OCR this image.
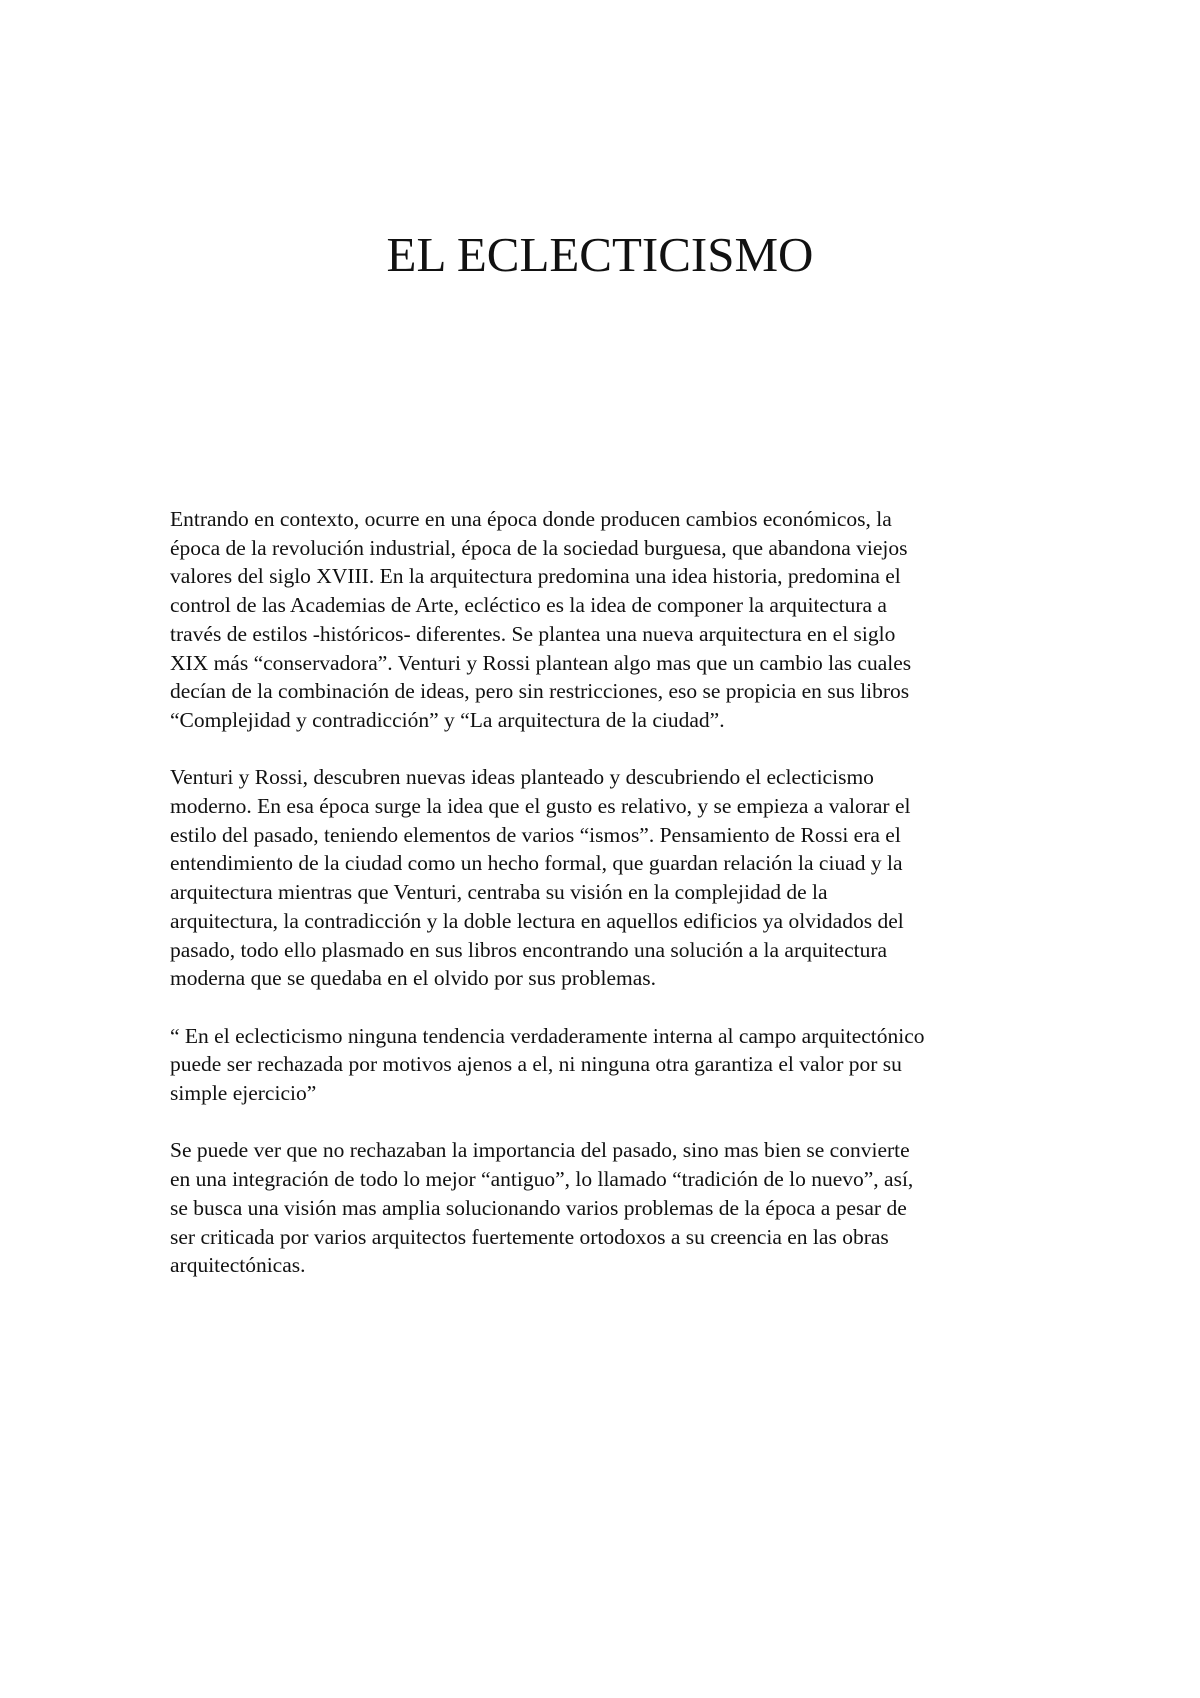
EL ECLECTICISMO

Entrando en contexto, ocurre en una época donde producen cambios económicos, la
época de la revolución industrial, época de la sociedad burguesa, que abandona viejos
valores del siglo XVIII. En la arquitectura predomina una idea historia, predomina el
control de las Academias de Arte, ecléctico es la idea de componer la arquitectura a
través de estilos -históricos- diferentes. Se plantea una nueva arquitectura en el siglo
XIX más “conservadora”. Venturi y Rossi plantean algo mas que un cambio las cuales
decían de la combinación de ideas, pero sin restricciones, eso se propicia en sus libros
“Complejidad y contradicción” y “La arquitectura de la ciudad”.

Venturi y Rossi, descubren nuevas ideas planteado y descubriendo el eclecticismo
moderno. En esa época surge la idea que el gusto es relativo, y se empieza a valorar el
estilo del pasado, teniendo elementos de varios “ismos”. Pensamiento de Rossi era el
entendimiento de la ciudad como un hecho formal, que guardan relación la ciuad y la
arquitectura mientras que Venturi, centraba su visión en la complejidad de la
arquitectura, la contradicción y la doble lectura en aquellos edificios ya olvidados del
pasado, todo ello plasmado en sus libros encontrando una solución a la arquitectura
moderna que se quedaba en el olvido por sus problemas.

“ En el eclecticismo ninguna tendencia verdaderamente interna al campo arquitectónico
puede ser rechazada por motivos ajenos a el, ni ninguna otra garantiza el valor por su
simple ejercicio”

Se puede ver que no rechazaban la importancia del pasado, sino mas bien se convierte
en una integración de todo lo mejor “antiguo”, lo llamado “tradición de lo nuevo”, así,
se busca una visión mas amplia solucionando varios problemas de la época a pesar de
ser criticada por varios arquitectos fuertemente ortodoxos a su creencia en las obras
arquitectónicas.
